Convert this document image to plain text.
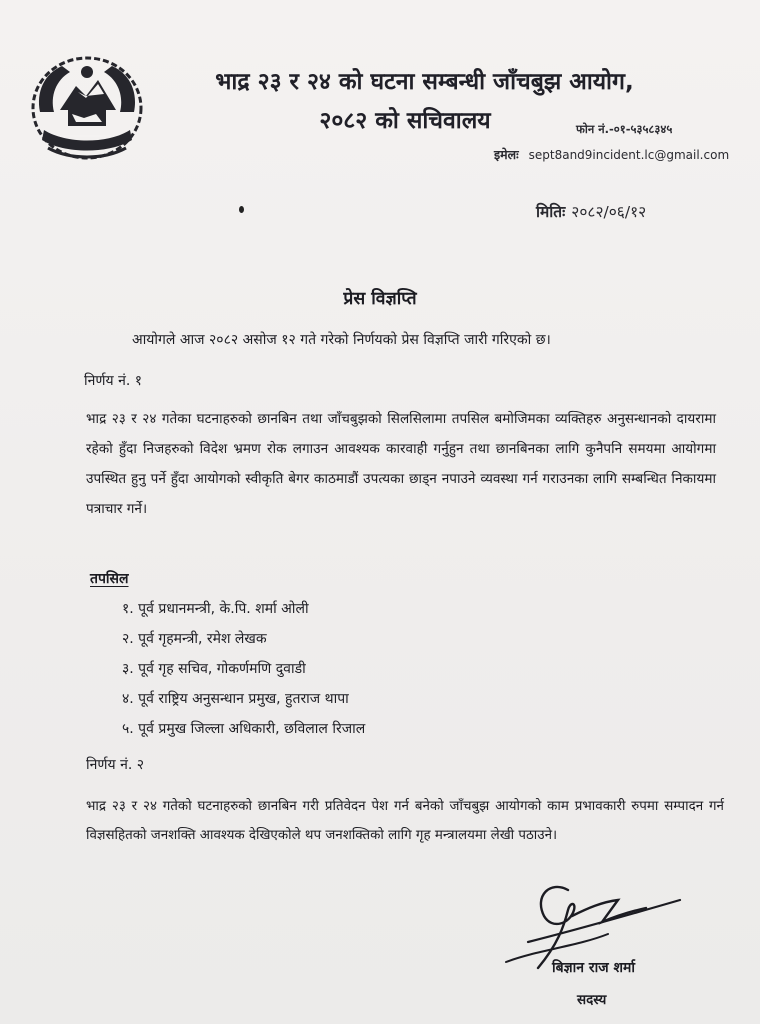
भाद्र २३ र २४ को घटना सम्बन्धी जाँचबुझ आयोग,
२०८२ को सचिवालय	फोन नं.-०१-५३५८३४५
इमेलः sept8and9incident.lc@gmail.com
मितिः २०८२/०६/१२
प्रेस विज्ञप्ति
आयोगले आज २०८२ असोज १२ गते गरेको निर्णयको प्रेस विज्ञप्ति जारी गरिएको छ।
निर्णय नं. १
भाद्र २३ र २४ गतेका घटनाहरुको छानबिन तथा जाँचबुझको सिलसिलामा तपसिल बमोजिमका व्यक्तिहरु अनुसन्धानको दायरामा रहेको हुँदा निजहरुको विदेश भ्रमण रोक लगाउन आवश्यक कारवाही गर्नुहुन तथा छानबिनका लागि कुनैपनि समयमा आयोगमा उपस्थित हुनु पर्ने हुँदा आयोगको स्वीकृति बेगर काठमाडौं उपत्यका छाड्न नपाउने व्यवस्था गर्न गराउनका लागि सम्बन्धित निकायमा पत्राचार गर्ने।
तपसिल
१. पूर्व प्रधानमन्त्री, के.पि. शर्मा ओली
२. पूर्व गृहमन्त्री, रमेश लेखक
३. पूर्व गृह सचिव, गोकर्णमणि दुवाडी
४. पूर्व राष्ट्रिय अनुसन्धान प्रमुख, हुतराज थापा
५. पूर्व प्रमुख जिल्ला अधिकारी, छविलाल रिजाल
निर्णय नं. २
भाद्र २३ र २४ गतेको घटनाहरुको छानबिन गरी प्रतिवेदन पेश गर्न बनेको जाँचबुझ आयोगको काम प्रभावकारी रुपमा सम्पादन गर्न विज्ञसहितको जनशक्ति आवश्यक देखिएकोले थप जनशक्तिको लागि गृह मन्त्रालयमा लेखी पठाउने।
बिज्ञान राज शर्मा
सदस्य
